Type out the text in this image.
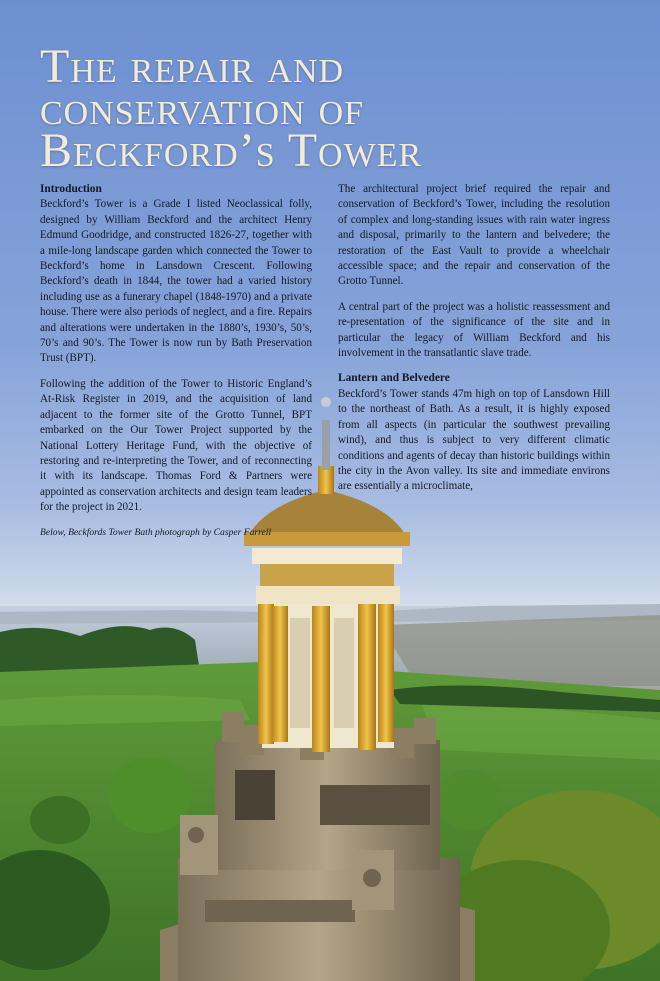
The repair and
conservation of
Beckford’s Tower
Introduction

Beckford’s Tower is a Grade I listed Neoclassical folly, designed by William Beckford and the architect Henry Edmund Goodridge, and constructed 1826-27, together with a mile-long landscape garden which connected the Tower to Beckford’s home in Lansdown Crescent. Following Beckford’s death in 1844, the tower had a varied history including use as a funerary chapel (1848-1970) and a private house. There were also periods of neglect, and a fire. Repairs and alterations were undertaken in the 1880’s, 1930’s, 50’s, 70’s and 90’s. The Tower is now run by Bath Preservation Trust (BPT).

Following the addition of the Tower to Historic England’s At-Risk Register in 2019, and the acquisition of land adjacent to the former site of the Grotto Tunnel, BPT embarked on the Our Tower Project supported by the National Lottery Heritage Fund, with the objective of restoring and re-interpreting the Tower, and of reconnecting it with its landscape. Thomas Ford & Partners were appointed as conservation architects and design team leaders for the project in 2021.

Below, Beckfords Tower Bath photograph by Casper Farrell

The architectural project brief required the repair and conservation of Beckford’s Tower, including the resolution of complex and long-standing issues with rain water ingress and disposal, primarily to the lantern and belvedere; the restoration of the East Vault to provide a wheelchair accessible space; and the repair and conservation of the Grotto Tunnel.

A central part of the project was a holistic reassessment and re-presentation of the significance of the site and in particular the legacy of William Beckford and his involvement in the transatlantic slave trade.

Lantern and Belvedere

Beckford’s Tower stands 47m high on top of Lansdown Hill to the northeast of Bath. As a result, it is highly exposed from all aspects (in particular the southwest prevailing wind), and thus is subject to very different climatic conditions and agents of decay than historic buildings within the city in the Avon valley. Its site and immediate environs are essentially a microclimate,
